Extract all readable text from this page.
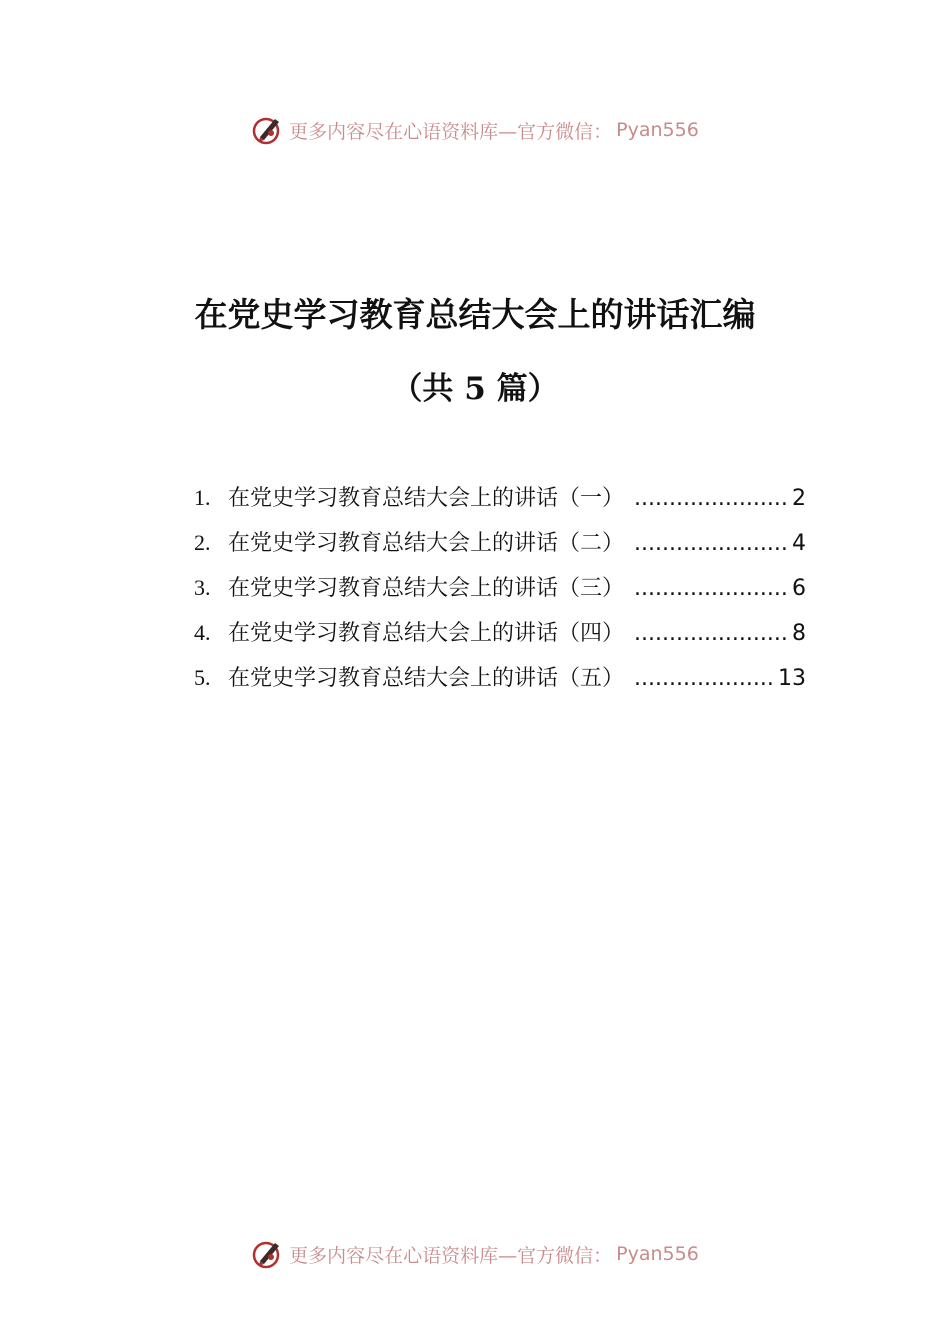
更多内容尽在心语资料库—官方微信： Pyan556
在党史学习教育总结大会上的讲话汇编
（共 5 篇）
1. 在党史学习教育总结大会上的讲话（一） .....	2
2. 在党史学习教育总结大会上的讲话（二） .....	4
3. 在党史学习教育总结大会上的讲话（三） .....	6
4. 在党史学习教育总结大会上的讲话（四） .....	8
5. 在党史学习教育总结大会上的讲话（五） .....	13
更多内容尽在心语资料库—官方微信： Pyan556
